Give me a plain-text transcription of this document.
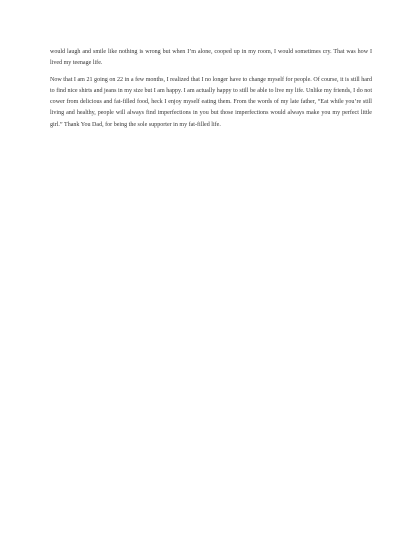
would laugh and smile like nothing is wrong but when I’m alone, cooped up in my room, I would sometimes cry. That was how I lived my teenage life.

Now that I am 21 going on 22 in a few months, I realized that I no longer have to change myself for people. Of course, it is still hard to find nice shirts and jeans in my size but I am happy. I am actually happy to still be able to live my life. Unlike my friends, I do not cower from delicious and fat-filled food, heck I enjoy myself eating them. From the words of my late father, “Eat while you’re still living and healthy, people will always find imperfections in you but those imperfections would always make you my perfect little girl.” Thank You Dad, for being the sole supporter in my fat-filled life.
